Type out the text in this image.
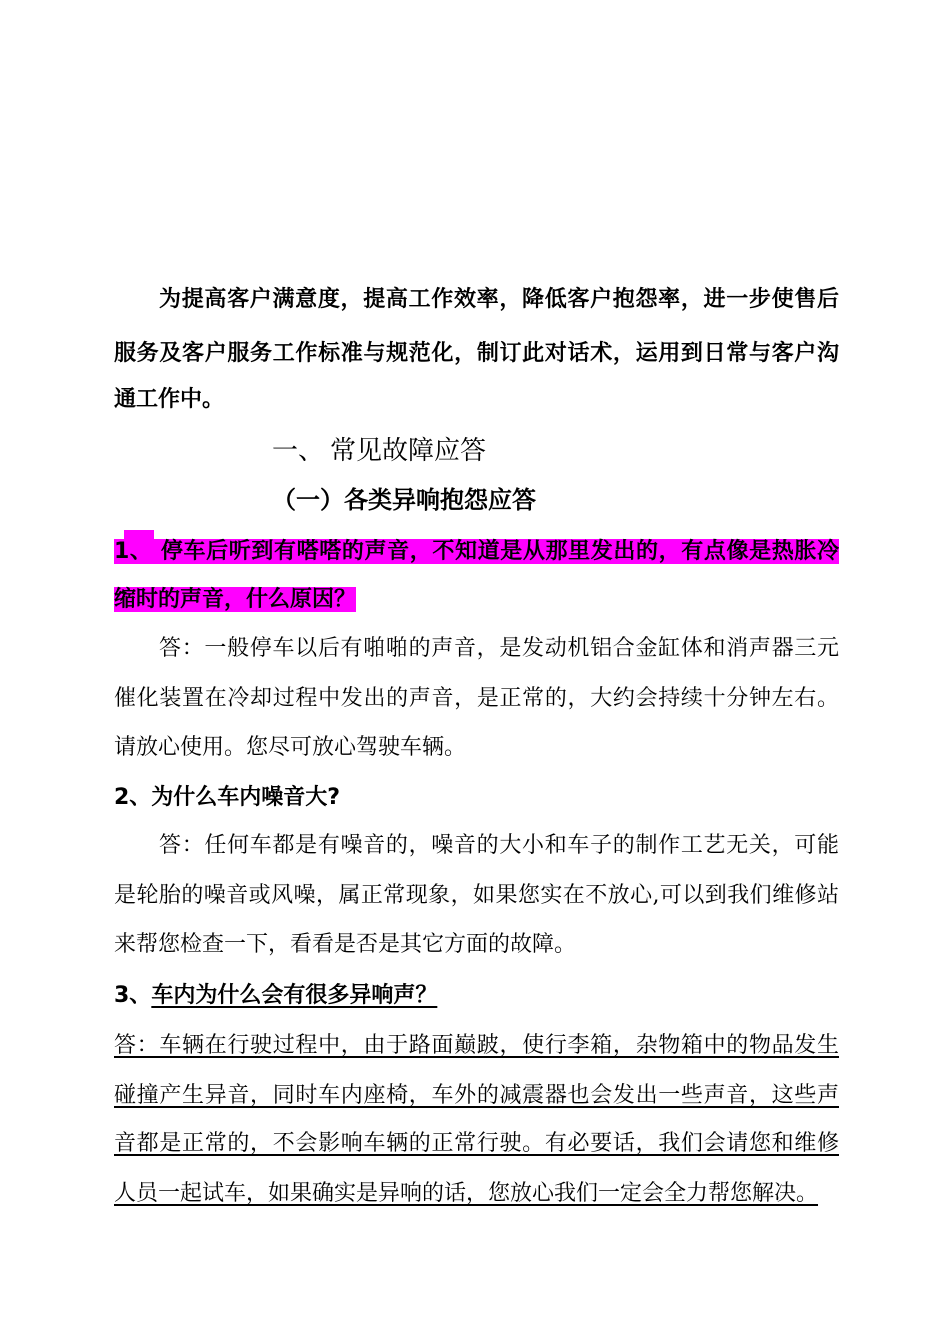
为提高客户满意度，提高工作效率，降低客户抱怨率，进一步使售后
服务及客户服务工作标准与规范化，制订此对话术，运用到日常与客户沟
通工作中。
一、 常见故障应答
（一）各类异响抱怨应答
1、 停车后听到有嗒嗒的声音，不知道是从那里发出的，有点像是热胀冷
缩时的声音，什么原因？
答：一般停车以后有啪啪的声音，是发动机铝合金缸体和消声器三元
催化装置在冷却过程中发出的声音，是正常的，大约会持续十分钟左右。
请放心使用。您尽可放心驾驶车辆。
2、为什么车内噪音大?
答：任何车都是有噪音的，噪音的大小和车子的制作工艺无关，可能
是轮胎的噪音或风噪，属正常现象，如果您实在不放心,可以到我们维修站
来帮您检查一下，看看是否是其它方面的故障。
3、车内为什么会有很多异响声？
答：车辆在行驶过程中，由于路面巅跛，使行李箱，杂物箱中的物品发生
碰撞产生异音，同时车内座椅，车外的减震器也会发出一些声音，这些声
音都是正常的，不会影响车辆的正常行驶。有必要话，我们会请您和维修
人员一起试车，如果确实是异响的话，您放心我们一定会全力帮您解决。
